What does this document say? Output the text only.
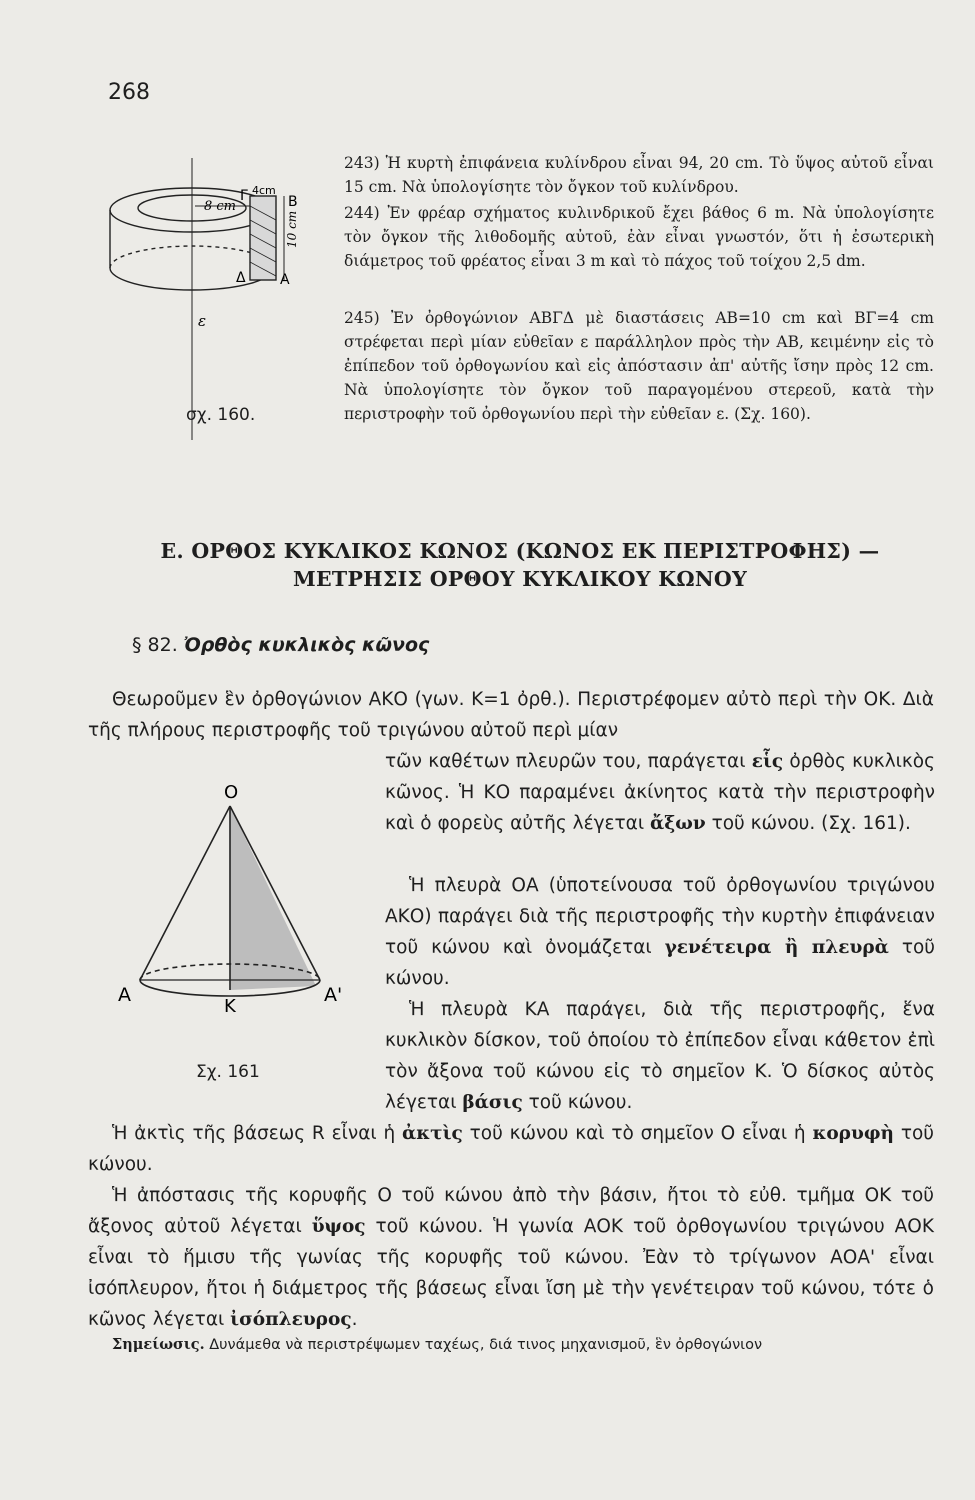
268
8 cm
4cm
10 cm
Γ	B
Δ A
ε
σχ. 160.
243) Ἡ κυρτὴ ἐπιφάνεια κυλίνδρου εἶναι 94, 20 cm. Τὸ ὕψος αὐτοῦ εἶναι 15 cm. Νὰ ὑπολογίσητε τὸν ὄγκον τοῦ κυλίνδρου.
244) Ἐν φρέαρ σχήματος κυλινδρικοῦ ἔχει βάθος 6 m. Νὰ ὑπολογίσητε τὸν ὄγκον τῆς λιθοδομῆς αὐτοῦ, ἐὰν εἶναι γνωστόν, ὅτι ἡ ἐσωτερικὴ διάμετρος τοῦ φρέατος εἶναι 3 m καὶ τὸ πάχος τοῦ τοίχου 2,5 dm.
245) Ἐν ὀρθογώνιον ΑΒΓΔ μὲ διαστάσεις ΑΒ=10 cm καὶ ΒΓ=4 cm στρέφεται περὶ μίαν εὐθεῖαν ε παράλληλον πρὸς τὴν ΑΒ, κειμένην εἰς τὸ ἐπίπεδον τοῦ ὀρθογωνίου καὶ εἰς ἀπόστασιν ἀπ' αὐτῆς ἴσην πρὸς 12 cm. Νὰ ὑπολογίσητε τὸν ὄγκον τοῦ παραγομένου στερεοῦ, κατὰ τὴν περιστροφὴν τοῦ ὀρθογωνίου περὶ τὴν εὐθεῖαν ε. (Σχ. 160).
Ε. ΟΡΘΟΣ ΚΥΚΛΙΚΟΣ ΚΩΝΟΣ (ΚΩΝΟΣ ΕΚ ΠΕΡΙΣΤΡΟΦΗΣ) —
ΜΕΤΡΗΣΙΣ ΟΡΘΟΥ ΚΥΚΛΙΚΟΥ ΚΩΝΟΥ
§ 82. Ὀρθὸς κυκλικὸς κῶνος
Θεωροῦμεν ἓν ὀρθογώνιον ΑΚΟ (γων. Κ=1 ὀρθ.). Περιστρέφομεν αὐτὸ περὶ τὴν ΟΚ. Διὰ τῆς πλήρους περιστροφῆς τοῦ τριγώνου αὐτοῦ περὶ μίαν
O
A
K
A'
Σχ. 161
τῶν καθέτων πλευρῶν του, παράγεται εἷς ὀρθὸς κυκλικὸς κῶνος. Ἡ ΚΟ παραμένει ἀκίνητος κατὰ τὴν περιστροφὴν καὶ ὁ φορεὺς αὐτῆς λέγεται ἄξων τοῦ κώνου. (Σχ. 161).
Ἡ πλευρὰ ΟΑ (ὑποτείνουσα τοῦ ὀρθογωνίου τριγώνου ΑΚΟ) παράγει διὰ τῆς περιστροφῆς τὴν κυρτὴν ἐπιφάνειαν τοῦ κώνου καὶ ὀνομάζεται γενέτειρα ἢ πλευρὰ τοῦ κώνου.
Ἡ πλευρὰ ΚΑ παράγει, διὰ τῆς περιστροφῆς, ἕνα κυκλικὸν δίσκον, τοῦ ὁποίου τὸ ἐπίπεδον εἶναι κάθετον ἐπὶ τὸν ἄξονα τοῦ κώνου εἰς τὸ σημεῖον Κ. Ὁ δίσκος αὐτὸς λέγεται βάσις τοῦ κώνου.
Ἡ ἀκτὶς τῆς βάσεως R εἶναι ἡ ἀκτὶς τοῦ κώνου καὶ τὸ σημεῖον Ο εἶναι ἡ κορυφὴ τοῦ κώνου.
Ἡ ἀπόστασις τῆς κορυφῆς Ο τοῦ κώνου ἀπὸ τὴν βάσιν, ἤτοι τὸ εὐθ. τμῆμα ΟΚ τοῦ ἄξονος αὐτοῦ λέγεται ὕψος τοῦ κώνου. Ἡ γωνία ΑΟΚ τοῦ ὀρθογωνίου τριγώνου ΑΟΚ εἶναι τὸ ἥμισυ τῆς γωνίας τῆς κορυφῆς τοῦ κώνου. Ἐὰν τὸ τρίγωνον ΑΟΑ' εἶναι ἰσόπλευρον, ἤτοι ἡ διάμετρος τῆς βάσεως εἶναι ἴση μὲ τὴν γενέτειραν τοῦ κώνου, τότε ὁ κῶνος λέγεται ἰσόπλευρος.
Σημείωσις. Δυνάμεθα νὰ περιστρέψωμεν ταχέως, διά τινος μηχανισμοῦ, ἓν ὀρθογώνιον
